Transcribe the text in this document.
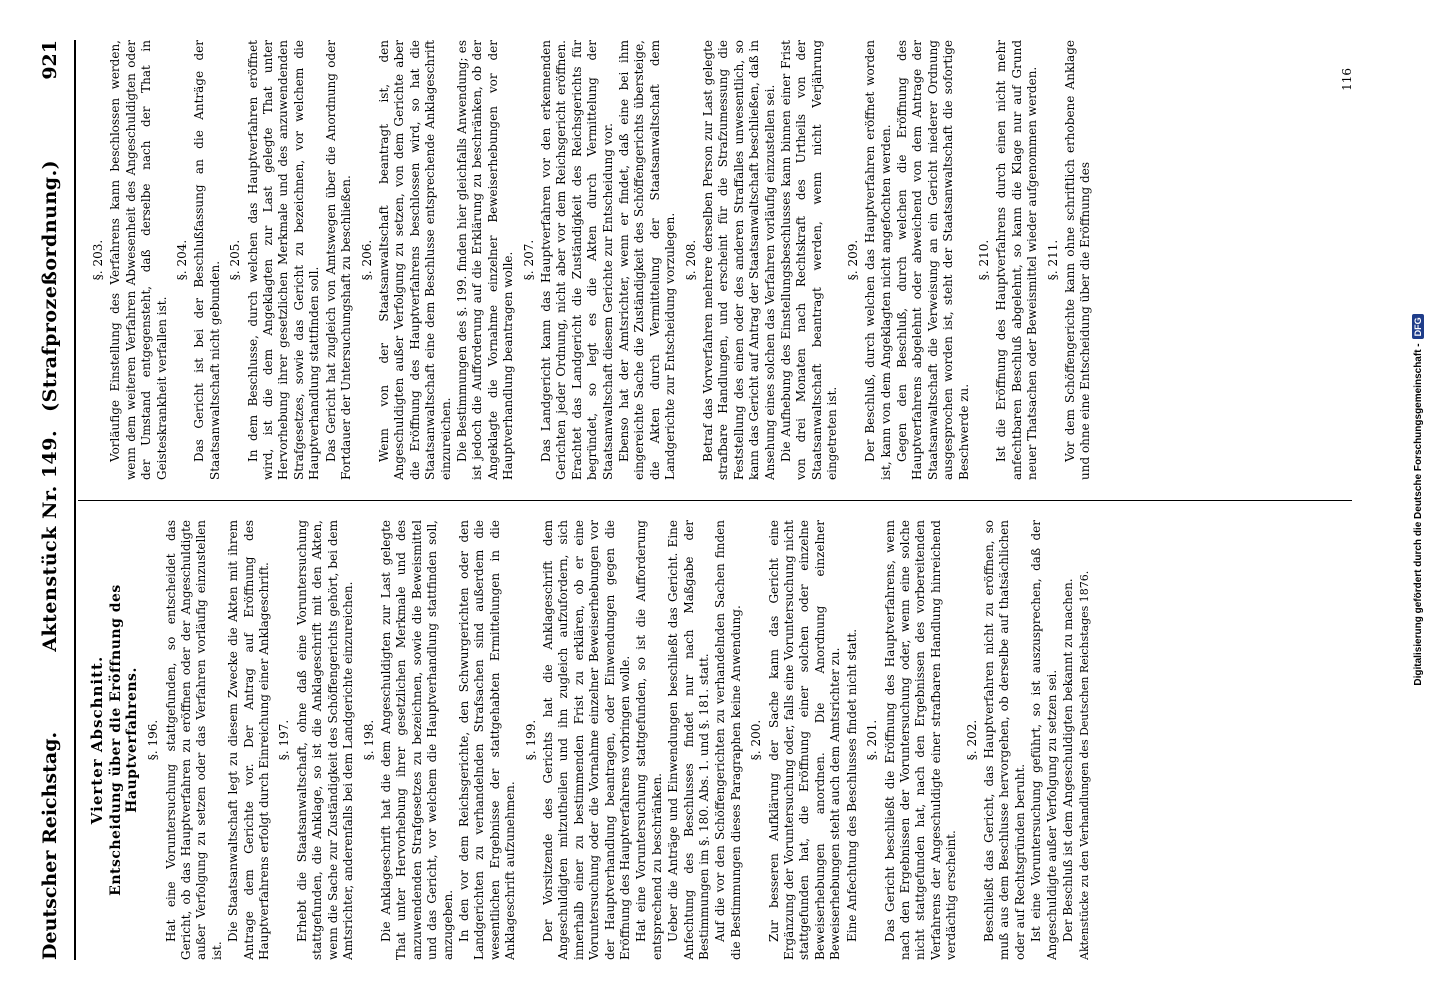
Deutscher Reichstag.
Aktenstück Nr. 149.(Strafprozeßordnung.)
921
Vierter Abschnitt. Entscheidung über die Eröffnung des Hauptverfahrens. §. 196. Hat eine Voruntersuchung stattgefunden, so entscheidet das Gericht, ob das Hauptverfahren zu eröffnen oder der Angeschuldigte außer Verfolgung zu setzen oder das Verfahren vorläufig einzustellen ist.

Die Staatsanwaltschaft legt zu diesem Zwecke die Akten mit ihrem Antrage dem Gerichte vor. Der Antrag auf Eröffnung des Hauptverfahrens erfolgt durch Einreichung einer Anklageschrift. §. 197. Erhebt die Staatsanwaltschaft, ohne daß eine Voruntersuchung stattgefunden, die Anklage, so ist die Anklageschrift mit den Akten, wenn die Sache zur Zuständigkeit des Schöffengerichts gehört, bei dem Amtsrichter, anderenfalls bei dem Landgerichte einzureichen. §. 198. Die Anklageschrift hat die dem Angeschuldigten zur Last gelegte That unter Hervorhebung ihrer gesetzlichen Merkmale und des anzuwendenden Strafgesetzes zu bezeichnen, sowie die Beweismittel und das Gericht, vor welchem die Hauptverhandlung stattfinden soll, anzugeben. In den vor dem Reichsgerichte, den Schwurgerichten oder den Landgerichten zu verhandelnden Strafsachen sind außerdem die wesentlichen Ergebnisse der stattgehabten Ermittelungen in die Anklageschrift aufzunehmen.

§. 199. Der Vorsitzende des Gerichts hat die Anklageschrift dem Angeschuldigten mitzutheilen und ihn zugleich aufzufordern, sich innerhalb einer zu bestimmenden Frist zu erklären, ob er eine Voruntersuchung oder die Vornahme einzelner Beweiserhebungen vor der Hauptverhandlung beantragen, oder Einwendungen gegen die Eröffnung des Hauptverfahrens vorbringen wolle. Hat eine Voruntersuchung stattgefunden, so ist die Aufforderung entsprechend zu beschränken. Ueber die Anträge und Einwendungen beschließt das Gericht. Eine Anfechtung des Beschlusses findet nur nach Maßgabe der Bestimmungen im §. 180. Abs. 1. und §. 181. statt. Auf die vor den Schöffengerichten zu verhandelnden Sachen finden die Bestimmungen dieses Paragraphen keine Anwendung. §. 200. Zur besseren Aufklärung der Sache kann das Gericht eine Ergänzung der Voruntersuchung oder, falls eine Voruntersuchung nicht stattgefunden hat, die Eröffnung einer solchen oder einzelne Beweiserhebungen anordnen. Die Anordnung einzelner Beweiserhebungen steht auch dem Amtsrichter zu. Eine Anfechtung des Beschlusses findet nicht statt. §. 201. Das Gericht beschließt die Eröffnung des Hauptverfahrens, wenn nach den Ergebnissen der Voruntersuchung oder, wenn eine solche nicht stattgefunden hat, nach den Ergebnissen des vorbereitenden Verfahrens der Angeschuldigte einer strafbaren Handlung hinreichend verdächtig erscheint.

§. 202. Beschließt das Gericht, das Hauptverfahren nicht zu eröffnen, so muß aus dem Beschlusse hervorgehen, ob derselbe auf thatsächlichen oder auf Rechtsgründen beruht. Ist eine Voruntersuchung geführt, so ist auszusprechen, daß der Angeschuldigte außer Verfolgung zu setzen sei. Der Beschluß ist dem Angeschuldigten bekannt zu machen. Aktenstücke zu den Verhandlungen des Deutschen Reichstages 1876.

§. 203. Vorläufige Einstellung des Verfahrens kann beschlossen werden, wenn dem weiteren Verfahren Abwesenheit des Angeschuldigten oder der Umstand entgegensteht, daß derselbe nach der That in Geisteskrankheit verfallen ist.

§. 204. Das Gericht ist bei der Beschlußfassung an die Anträge der Staatsanwaltschaft nicht gebunden.

§. 205. In dem Beschlusse, durch welchen das Hauptverfahren eröffnet wird, ist die dem Angeklagten zur Last gelegte That unter Hervorhebung ihrer gesetzlichen Merkmale und des anzuwendenden Strafgesetzes, sowie das Gericht zu bezeichnen, vor welchem die Hauptverhandlung stattfinden soll. Das Gericht hat zugleich von Amtswegen über die Anordnung oder Fortdauer der Untersuchungshaft zu beschließen. §. 206. Wenn von der Staatsanwaltschaft beantragt ist, den Angeschuldigten außer Verfolgung zu setzen, von dem Gerichte aber die Eröffnung des Hauptverfahrens beschlossen wird, so hat die Staatsanwaltschaft eine dem Beschlusse entsprechende Anklageschrift einzureichen. Die Bestimmungen des §. 199. finden hier gleichfalls Anwendung; es ist jedoch die Aufforderung auf die Erklärung zu beschränken, ob der Angeklagte die Vornahme einzelner Beweiserhebungen vor der Hauptverhandlung beantragen wolle. §. 207. Das Landgericht kann das Hauptverfahren vor den erkennenden Gerichten jeder Ordnung, nicht aber vor dem Reichsgericht eröffnen. Erachtet das Landgericht die Zuständigkeit des Reichsgerichts für begründet, so legt es die Akten durch Vermittelung der Staatsanwaltschaft diesem Gerichte zur Entscheidung vor. Ebenso hat der Amtsrichter, wenn er findet, daß eine bei ihm eingereichte Sache die Zuständigkeit des Schöffengerichts übersteige, die Akten durch Vermittelung der Staatsanwaltschaft dem Landgerichte zur Entscheidung vorzulegen. §. 208. Betraf das Vorverfahren mehrere derselben Person zur Last gelegte strafbare Handlungen, und erscheint für die Strafzumessung die Feststellung des einen oder des anderen Straffalles unwesentlich, so kann das Gericht auf Antrag der Staatsanwaltschaft beschließen, daß in Ansehung eines solchen das Verfahren vorläufig einzustellen sei. Die Aufhebung des Einstellungsbeschlusses kann binnen einer Frist von drei Monaten nach Rechtskraft des Urtheils von der Staatsanwaltschaft beantragt werden, wenn nicht Verjährung eingetreten ist.

§. 209. Der Beschluß, durch welchen das Hauptverfahren eröffnet worden ist, kann von dem Angeklagten nicht angefochten werden. Gegen den Beschluß, durch welchen die Eröffnung des Hauptverfahrens abgelehnt oder abweichend von dem Antrage der Staatsanwaltschaft die Verweisung an ein Gericht niederer Ordnung ausgesprochen worden ist, steht der Staatsanwaltschaft die sofortige Beschwerde zu.

§. 210. Ist die Eröffnung des Hauptverfahrens durch einen nicht mehr anfechtbaren Beschluß abgelehnt, so kann die Klage nur auf Grund neuer Thatsachen oder Beweismittel wieder aufgenommen werden. §. 211. Vor dem Schöffengerichte kann ohne schriftlich erhobene Anklage und ohne eine Entscheidung über die Eröffnung des

116
Digitalisierung gefördert durch die Deutsche Forschungsgemeinschaft -
DFG
